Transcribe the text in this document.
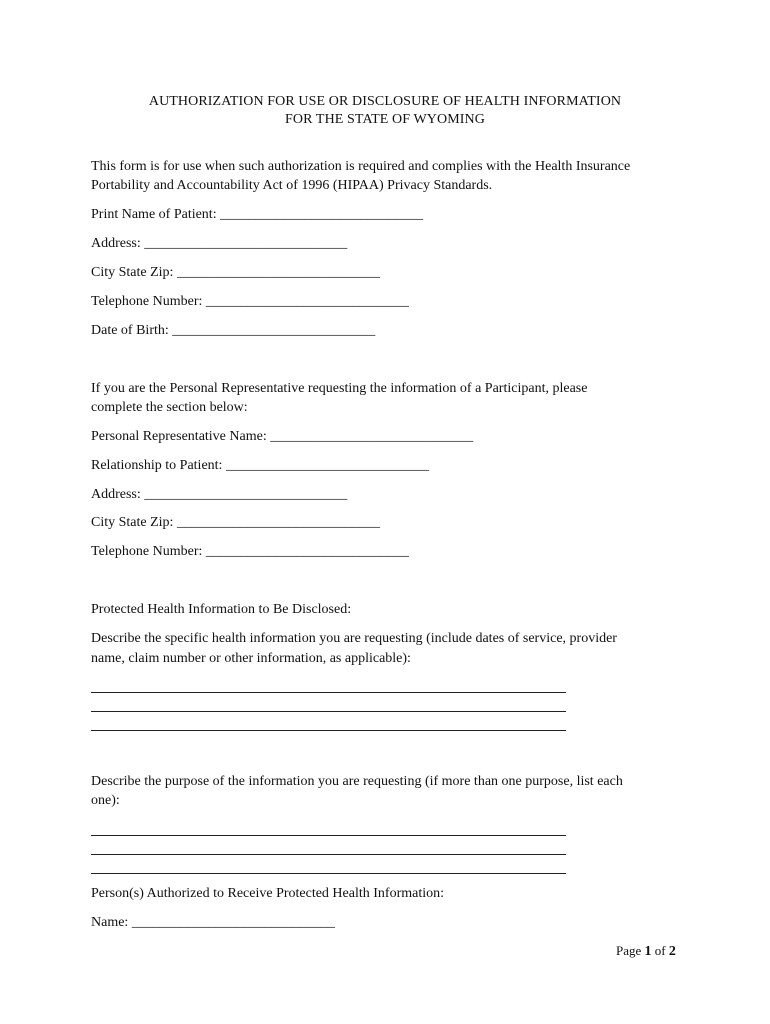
AUTHORIZATION FOR USE OR DISCLOSURE OF HEALTH INFORMATION
FOR THE STATE OF WYOMING
This form is for use when such authorization is required and complies with the Health Insurance
Portability and Accountability Act of 1996 (HIPAA) Privacy Standards.
Print Name of Patient: _____________________________
Address: _____________________________
City State Zip: _____________________________
Telephone Number: _____________________________
Date of Birth: _____________________________
If you are the Personal Representative requesting the information of a Participant, please
complete the section below:
Personal Representative Name: _____________________________
Relationship to Patient: _____________________________
Address: _____________________________
City State Zip: _____________________________
Telephone Number: _____________________________
Protected Health Information to Be Disclosed:
Describe the specific health information you are requesting (include dates of service, provider
name, claim number or other information, as applicable):
Describe the purpose of the information you are requesting (if more than one purpose, list each
one):
Person(s) Authorized to Receive Protected Health Information:
Name: _____________________________
Page 1 of 2
